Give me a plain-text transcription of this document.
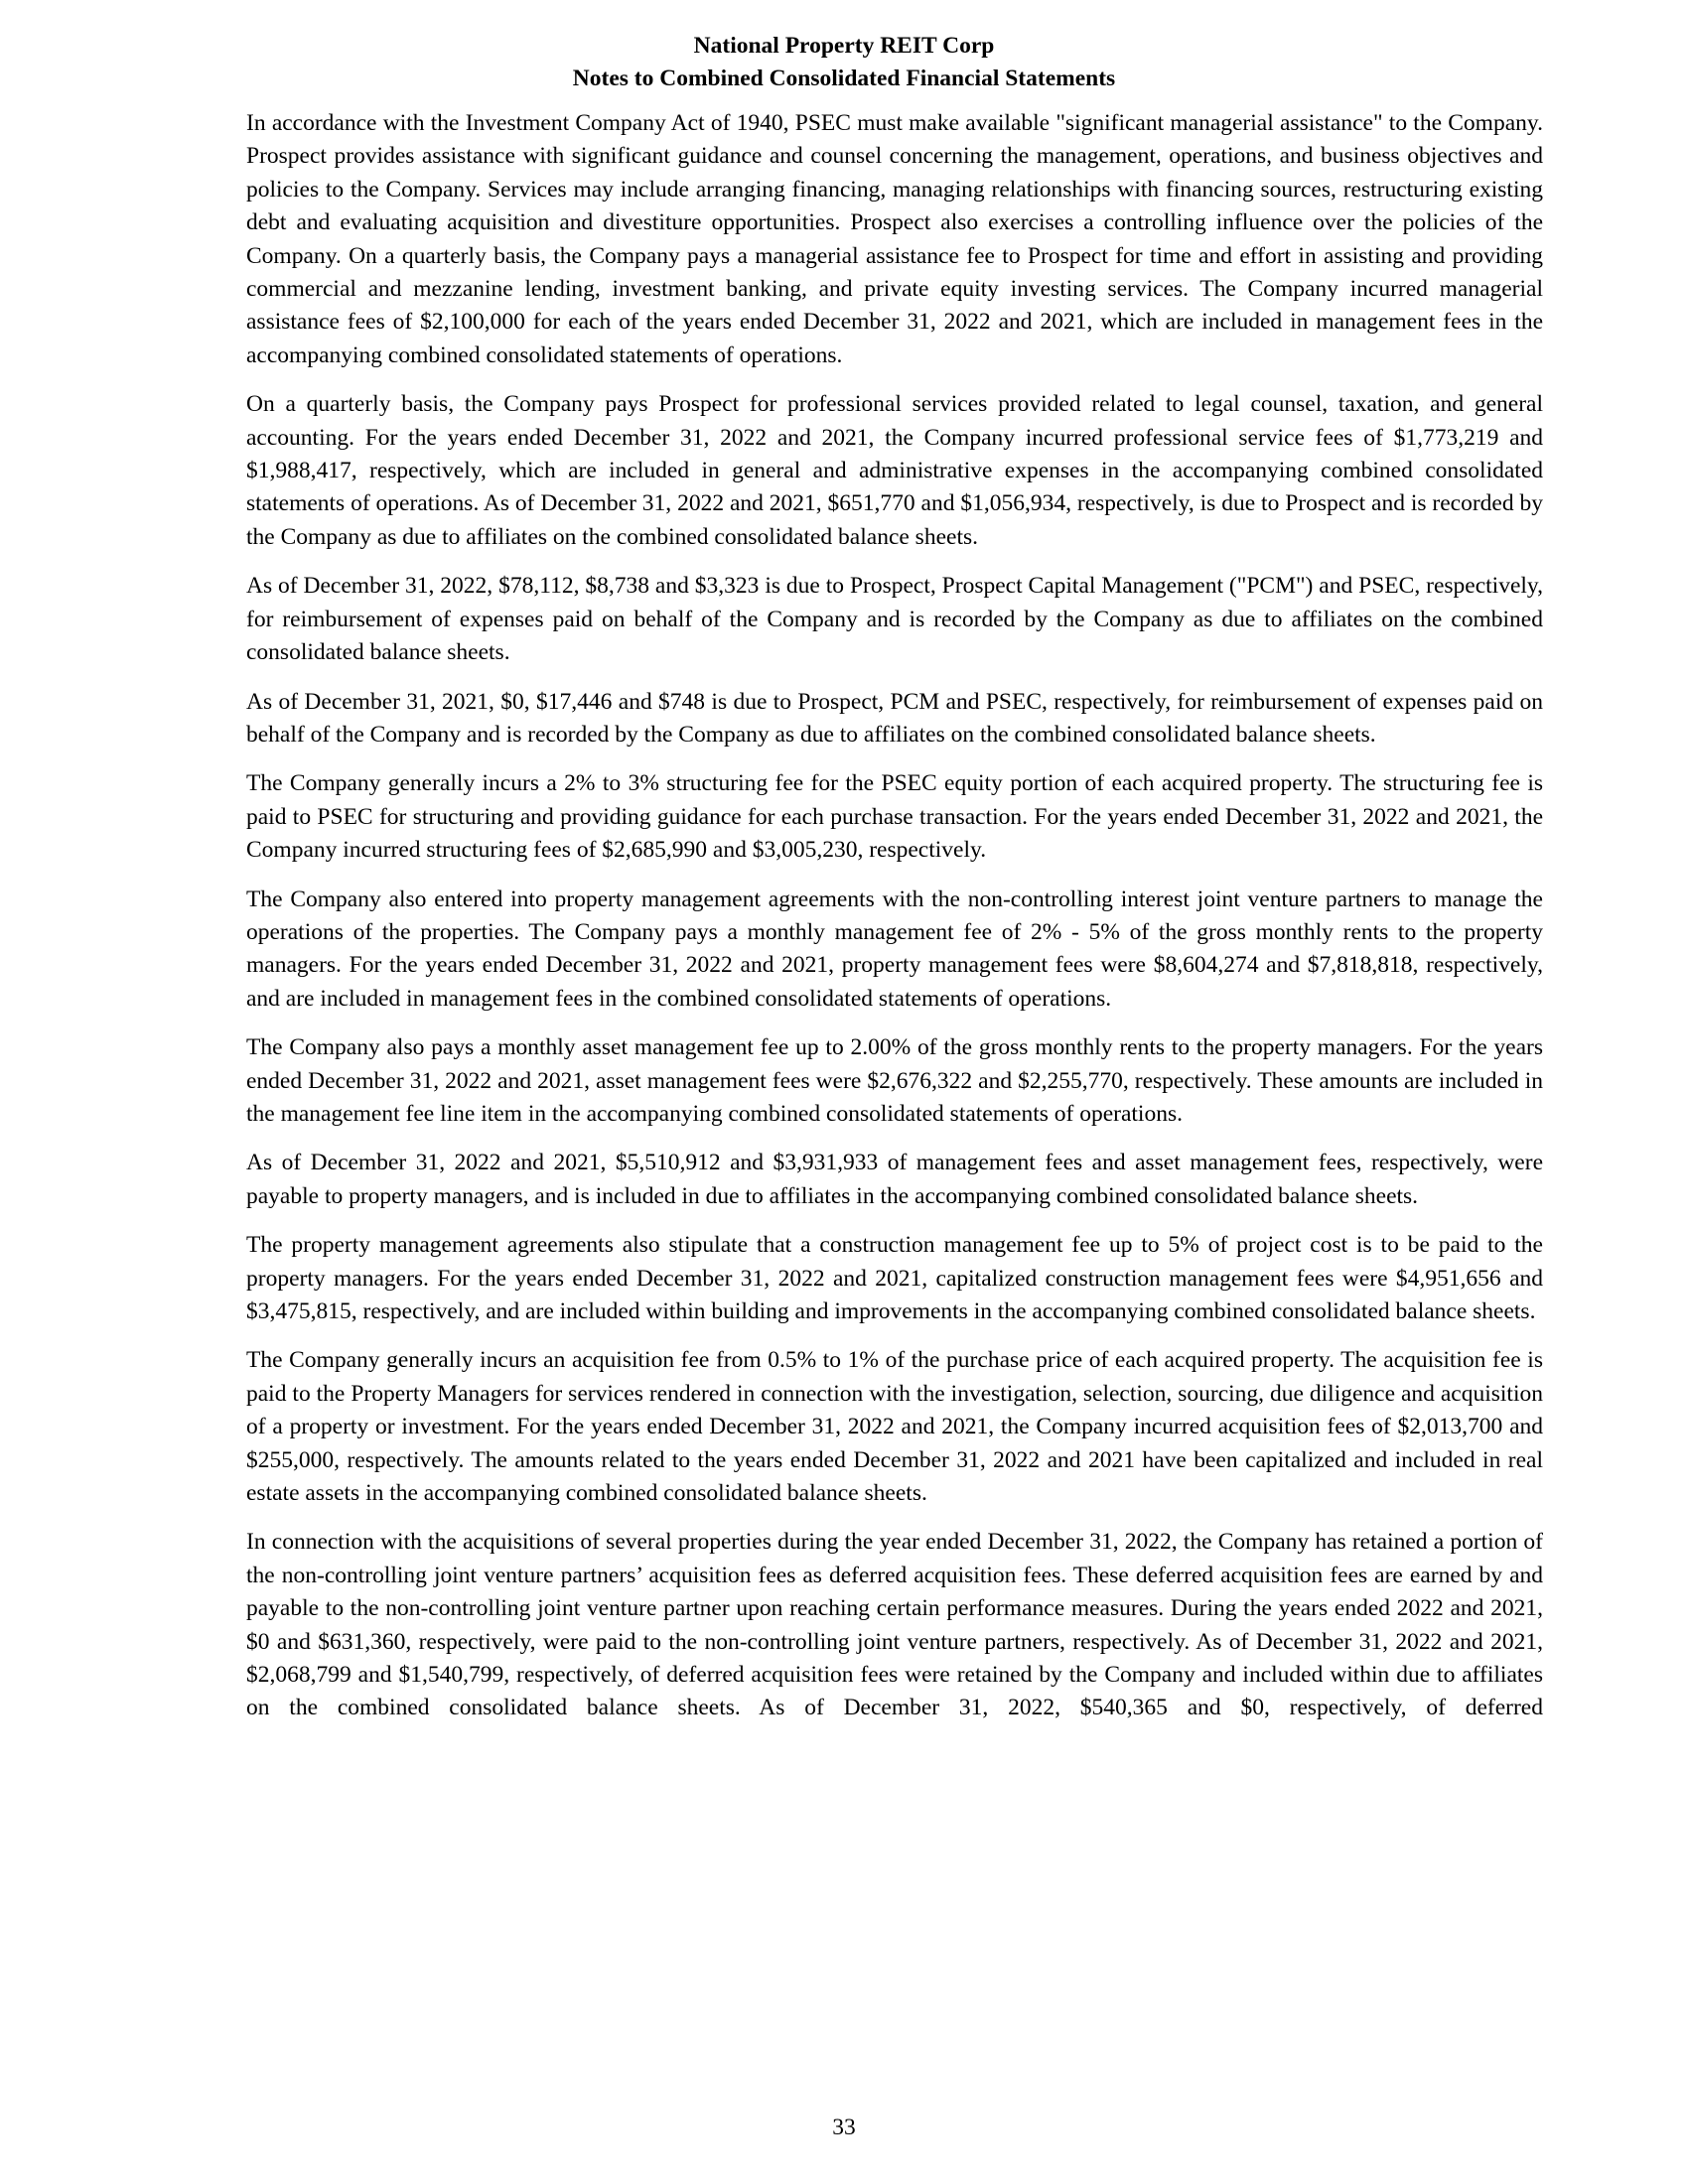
National Property REIT Corp
Notes to Combined Consolidated Financial Statements

In accordance with the Investment Company Act of 1940, PSEC must make available "significant managerial assistance" to the Company. Prospect provides assistance with significant guidance and counsel concerning the management, operations, and business objectives and policies to the Company. Services may include arranging financing, managing relationships with financing sources, restructuring existing debt and evaluating acquisition and divestiture opportunities. Prospect also exercises a controlling influence over the policies of the Company. On a quarterly basis, the Company pays a managerial assistance fee to Prospect for time and effort in assisting and providing commercial and mezzanine lending, investment banking, and private equity investing services. The Company incurred managerial assistance fees of $2,100,000 for each of the years ended December 31, 2022 and 2021, which are included in management fees in the accompanying combined consolidated statements of operations.

On a quarterly basis, the Company pays Prospect for professional services provided related to legal counsel, taxation, and general accounting. For the years ended December 31, 2022 and 2021, the Company incurred professional service fees of $1,773,219 and $1,988,417, respectively, which are included in general and administrative expenses in the accompanying combined consolidated statements of operations. As of December 31, 2022 and 2021, $651,770 and $1,056,934, respectively, is due to Prospect and is recorded by the Company as due to affiliates on the combined consolidated balance sheets.

As of December 31, 2022, $78,112, $8,738 and $3,323 is due to Prospect, Prospect Capital Management ("PCM") and PSEC, respectively, for reimbursement of expenses paid on behalf of the Company and is recorded by the Company as due to affiliates on the combined consolidated balance sheets.

As of December 31, 2021, $0, $17,446 and $748 is due to Prospect, PCM and PSEC, respectively, for reimbursement of expenses paid on behalf of the Company and is recorded by the Company as due to affiliates on the combined consolidated balance sheets.

The Company generally incurs a 2% to 3% structuring fee for the PSEC equity portion of each acquired property. The structuring fee is paid to PSEC for structuring and providing guidance for each purchase transaction. For the years ended December 31, 2022 and 2021, the Company incurred structuring fees of $2,685,990 and $3,005,230, respectively.

The Company also entered into property management agreements with the non-controlling interest joint venture partners to manage the operations of the properties. The Company pays a monthly management fee of 2% - 5% of the gross monthly rents to the property managers. For the years ended December 31, 2022 and 2021, property management fees were $8,604,274 and $7,818,818, respectively, and are included in management fees in the combined consolidated statements of operations.

The Company also pays a monthly asset management fee up to 2.00% of the gross monthly rents to the property managers. For the years ended December 31, 2022 and 2021, asset management fees were $2,676,322 and $2,255,770, respectively. These amounts are included in the management fee line item in the accompanying combined consolidated statements of operations.

As of December 31, 2022 and 2021, $5,510,912 and $3,931,933 of management fees and asset management fees, respectively, were payable to property managers, and is included in due to affiliates in the accompanying combined consolidated balance sheets.

The property management agreements also stipulate that a construction management fee up to 5% of project cost is to be paid to the property managers. For the years ended December 31, 2022 and 2021, capitalized construction management fees were $4,951,656 and $3,475,815, respectively, and are included within building and improvements in the accompanying combined consolidated balance sheets.

The Company generally incurs an acquisition fee from 0.5% to 1% of the purchase price of each acquired property. The acquisition fee is paid to the Property Managers for services rendered in connection with the investigation, selection, sourcing, due diligence and acquisition of a property or investment. For the years ended December 31, 2022 and 2021, the Company incurred acquisition fees of $2,013,700 and $255,000, respectively. The amounts related to the years ended December 31, 2022 and 2021 have been capitalized and included in real estate assets in the accompanying combined consolidated balance sheets.

In connection with the acquisitions of several properties during the year ended December 31, 2022, the Company has retained a portion of the non-controlling joint venture partners’ acquisition fees as deferred acquisition fees. These deferred acquisition fees are earned by and payable to the non-controlling joint venture partner upon reaching certain performance measures. During the years ended 2022 and 2021, $0 and $631,360, respectively, were paid to the non-controlling joint venture partners, respectively. As of December 31, 2022 and 2021, $2,068,799 and $1,540,799, respectively, of deferred acquisition fees were retained by the Company and included within due to affiliates on the combined consolidated balance sheets. As of December 31, 2022, $540,365 and $0, respectively, of deferred

33
